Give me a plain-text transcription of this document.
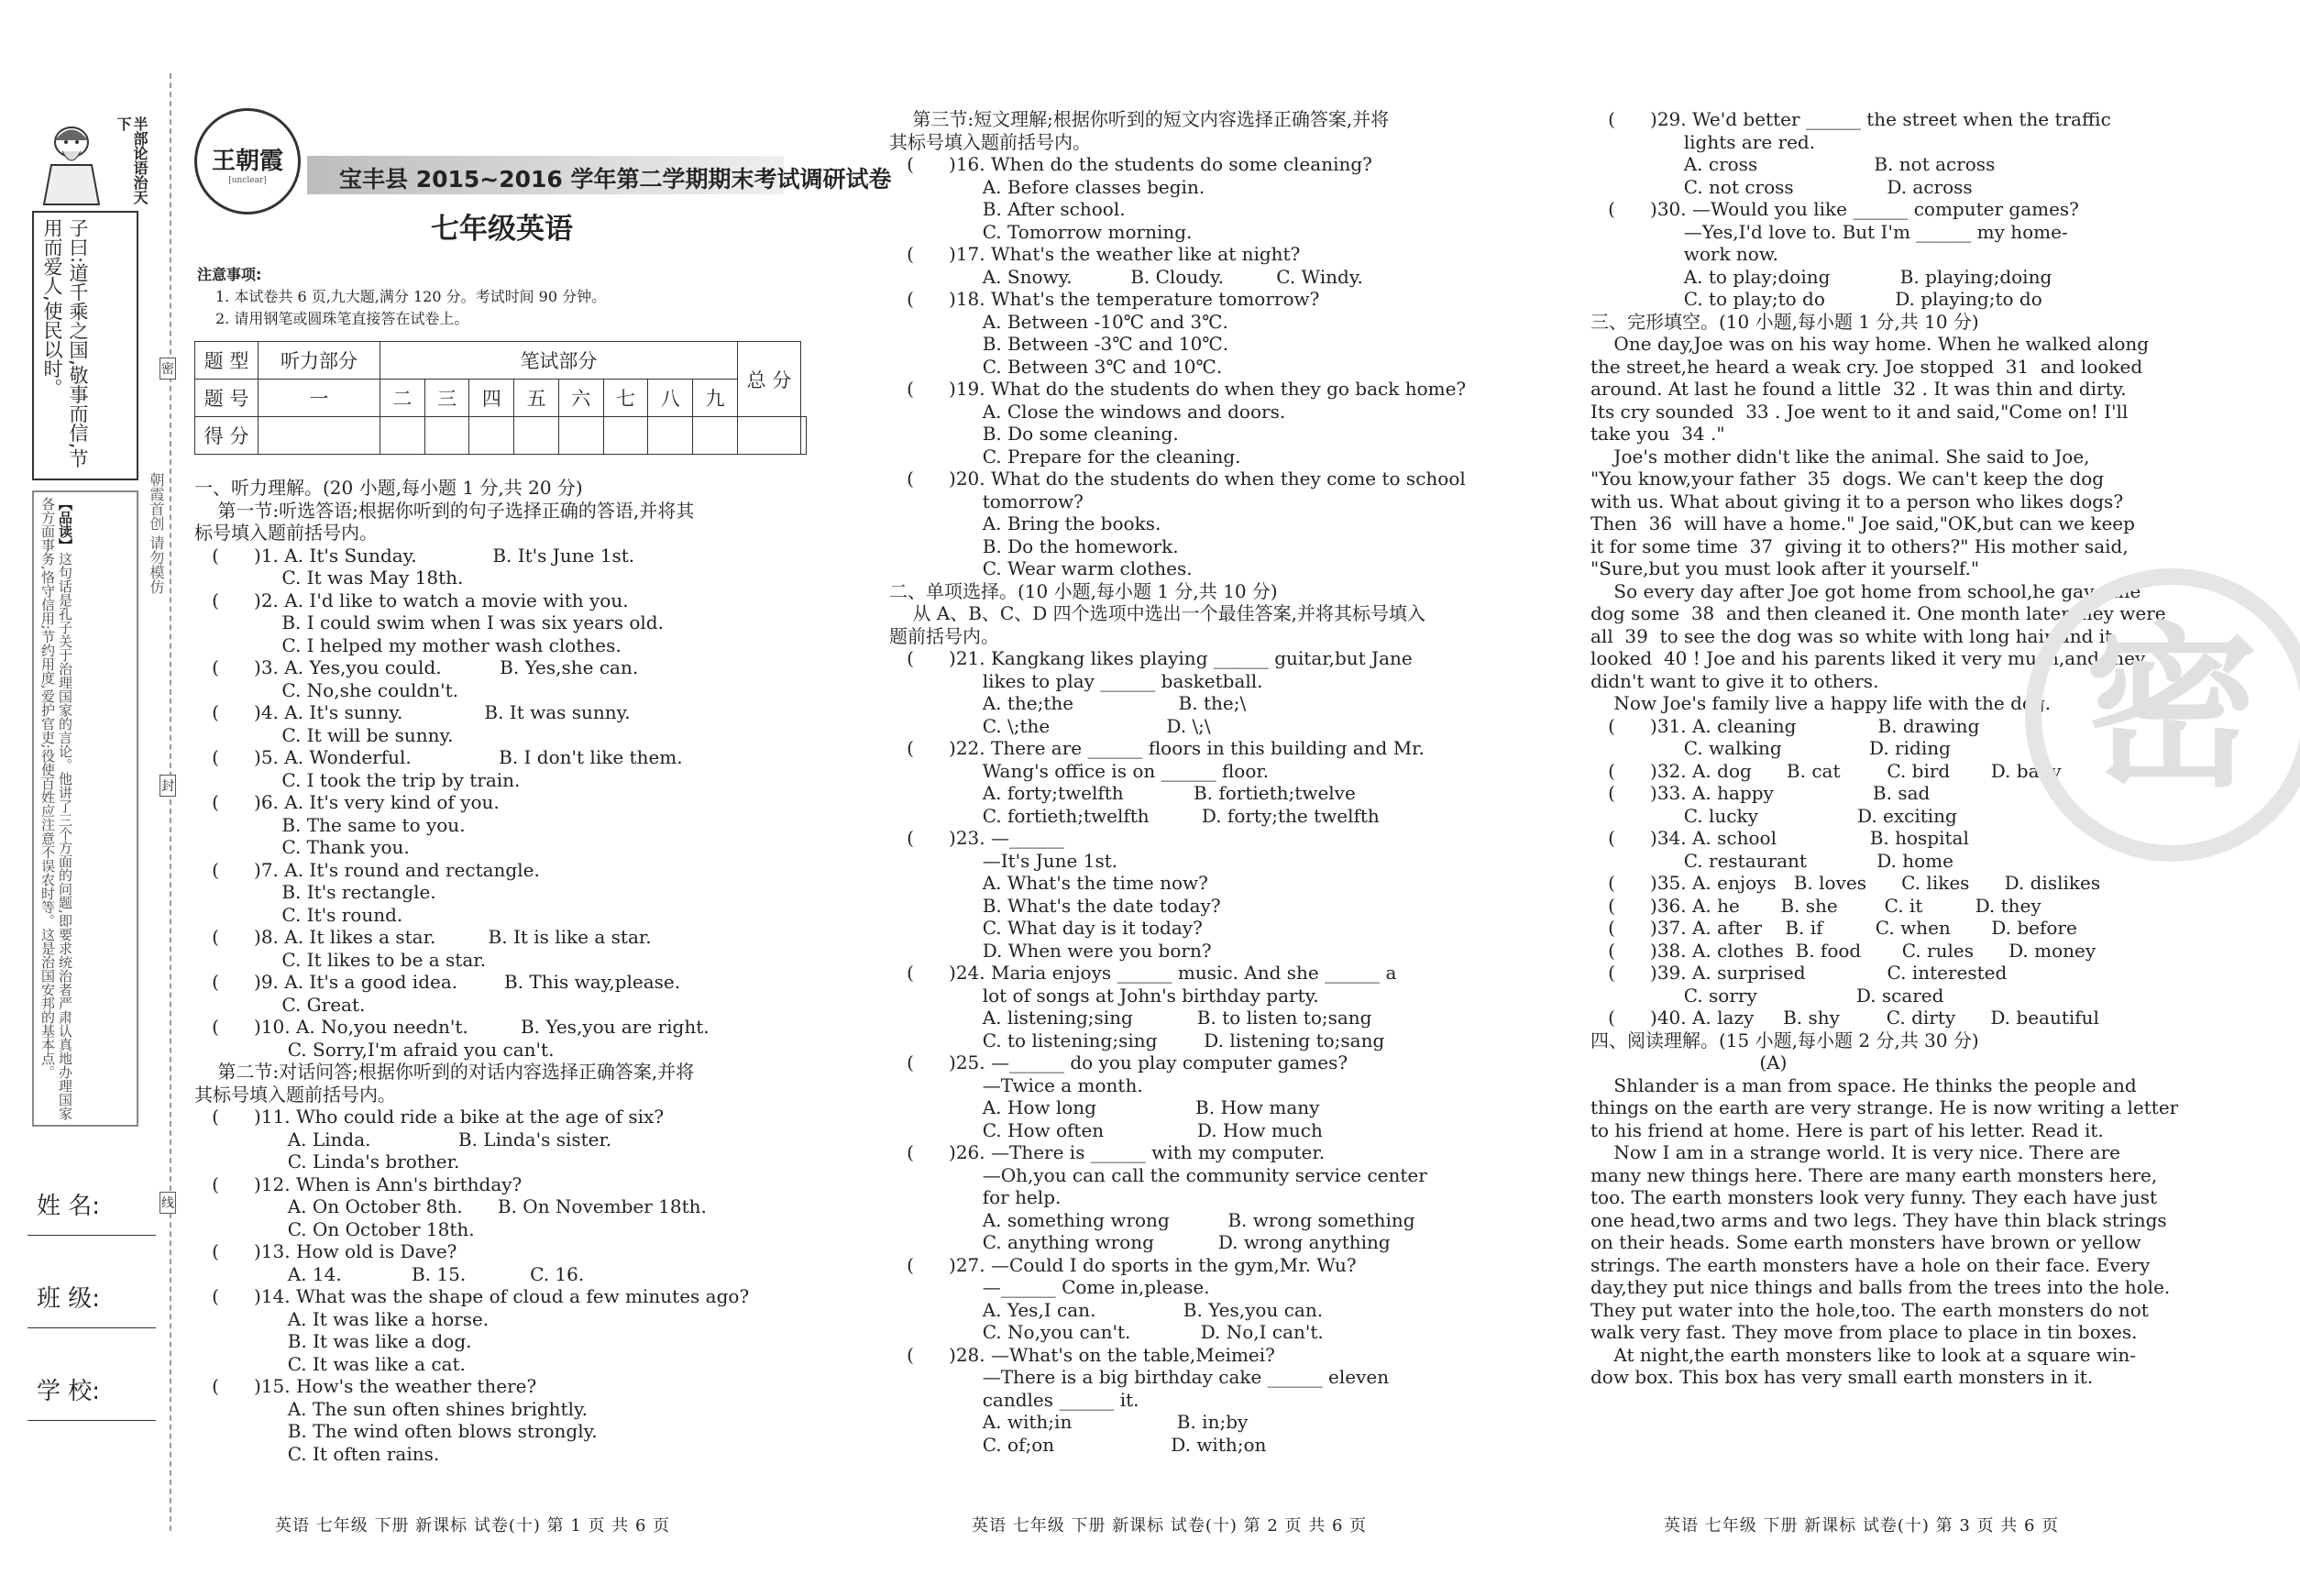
半部论语治天下
子曰:道千乘之国,敬事而信,节用而爱人,使民以时。
【品读】这句话是孔子关于治理国家的言论。他讲了三个方面的问题,即要求统治者严肃认真地办理国家各方面事务,恪守信用;节约用度,爱护官吏;役使百姓应注意不误农时等。这是治国安邦的基本点。
姓 名:
班 级:
学 校:
朝霞首创 请勿模仿
密
封
线
王朝霞
[unclear]	宝丰县 2015~2016 学年第二学期期末考试调研试卷
七年级英语
注意事项:
1. 本试卷共 6 页,九大题,满分 120 分。考试时间 90 分钟。
2. 请用钢笔或圆珠笔直接答在试卷上。
题 型	听力部分	笔试部分								总 分	
题 号	一	二	三	四	五	六	七	八	九		
得 分											
一、听力理解。(20 小题,每小题 1 分,共 20 分)
第一节:听选答语;根据你听到的句子选择正确的答语,并将其
标号填入题前括号内。
(      )1. A. It's Sunday.             B. It's June 1st.
C. It was May 18th.
(      )2. A. I'd like to watch a movie with you.
B. I could swim when I was six years old.
C. I helped my mother wash clothes.
(      )3. A. Yes,you could.          B. Yes,she can.
C. No,she couldn't.
(      )4. A. It's sunny.              B. It was sunny.
C. It will be sunny.
(      )5. A. Wonderful.               B. I don't like them.
C. I took the trip by train.
(      )6. A. It's very kind of you.
B. The same to you.
C. Thank you.
(      )7. A. It's round and rectangle.
B. It's rectangle.
C. It's round.
(      )8. A. It likes a star.         B. It is like a star.
C. It likes to be a star.
(      )9. A. It's a good idea.        B. This way,please.
C. Great.
(      )10. A. No,you needn't.         B. Yes,you are right.
C. Sorry,I'm afraid you can't.
第二节:对话问答;根据你听到的对话内容选择正确答案,并将
其标号填入题前括号内。
(      )11. Who could ride a bike at the age of six?
A. Linda.               B. Linda's sister.
C. Linda's brother.
(      )12. When is Ann's birthday?
A. On October 8th.      B. On November 18th.
C. On October 18th.
(      )13. How old is Dave?
A. 14.            B. 15.           C. 16.
(      )14. What was the shape of cloud a few minutes ago?
A. It was like a horse.
B. It was like a dog.
C. It was like a cat.
(      )15. How's the weather there?
A. The sun often shines brightly.
B. The wind often blows strongly.
C. It often rains.
第三节:短文理解;根据你听到的短文内容选择正确答案,并将
其标号填入题前括号内。
(      )16. When do the students do some cleaning?
A. Before classes begin.
B. After school.
C. Tomorrow morning.
(      )17. What's the weather like at night?
A. Snowy.          B. Cloudy.         C. Windy.
(      )18. What's the temperature tomorrow?
A. Between -10℃ and 3℃.
B. Between -3℃ and 10℃.
C. Between 3℃ and 10℃.
(      )19. What do the students do when they go back home?
A. Close the windows and doors.
B. Do some cleaning.
C. Prepare for the cleaning.
(      )20. What do the students do when they come to school
tomorrow?
A. Bring the books.
B. Do the homework.
C. Wear warm clothes.
二、单项选择。(10 小题,每小题 1 分,共 10 分)
从 A、B、C、D 四个选项中选出一个最佳答案,并将其标号填入
题前括号内。
(      )21. Kangkang likes playing ______ guitar,but Jane
likes to play ______ basketball.
A. the;the                  B. the;\
C. \;the                    D. \;\
(      )22. There are ______ floors in this building and Mr.
Wang's office is on ______ floor.
A. forty;twelfth            B. fortieth;twelve
C. fortieth;twelfth         D. forty;the twelfth
(      )23. —______
—It's June 1st.
A. What's the time now?
B. What's the date today?
C. What day is it today?
D. When were you born?
(      )24. Maria enjoys ______ music. And she ______ a
lot of songs at John's birthday party.
A. listening;sing           B. to listen to;sang
C. to listening;sing        D. listening to;sang
(      )25. —______ do you play computer games?
—Twice a month.
A. How long                 B. How many
C. How often                D. How much
(      )26. —There is ______ with my computer.
—Oh,you can call the community service center
for help.
A. something wrong          B. wrong something
C. anything wrong           D. wrong anything
(      )27. —Could I do sports in the gym,Mr. Wu?
—______ Come in,please.
A. Yes,I can.               B. Yes,you can.
C. No,you can't.            D. No,I can't.
(      )28. —What's on the table,Meimei?
—There is a big birthday cake ______ eleven
candles ______ it.
A. with;in                  B. in;by
C. of;on                    D. with;on
(      )29. We'd better ______ the street when the traffic
lights are red.
A. cross                    B. not across
C. not cross                D. across
(      )30. —Would you like ______ computer games?
—Yes,I'd love to. But I'm ______ my home-
work now.
A. to play;doing            B. playing;doing
C. to play;to do            D. playing;to do
三、完形填空。(10 小题,每小题 1 分,共 10 分)
One day,Joe was on his way home. When he walked along
the street,he heard a weak cry. Joe stopped  31  and looked
around. At last he found a little  32 . It was thin and dirty.
Its cry sounded  33 . Joe went to it and said,"Come on! I'll
take you  34 ."
Joe's mother didn't like the animal. She said to Joe,
"You know,your father  35  dogs. We can't keep the dog
with us. What about giving it to a person who likes dogs?
Then  36  will have a home." Joe said,"OK,but can we keep
it for some time  37  giving it to others?" His mother said,
"Sure,but you must look after it yourself."
So every day after Joe got home from school,he gave the
dog some  38  and then cleaned it. One month later,they were
all  39  to see the dog was so white with long hair and it
looked  40 ! Joe and his parents liked it very much,and they
didn't want to give it to others.
Now Joe's family live a happy life with the dog.
(      )31. A. cleaning              B. drawing
C. walking               D. riding
(      )32. A. dog      B. cat        C. bird       D. baby
(      )33. A. happy                 B. sad
C. lucky                 D. exciting
(      )34. A. school                B. hospital
C. restaurant            D. home
(      )35. A. enjoys   B. loves      C. likes      D. dislikes
(      )36. A. he       B. she        C. it         D. they
(      )37. A. after    B. if         C. when       D. before
(      )38. A. clothes  B. food       C. rules      D. money
(      )39. A. surprised              C. interested
C. sorry                 D. scared
(      )40. A. lazy     B. shy        C. dirty      D. beautiful
四、阅读理解。(15 小题,每小题 2 分,共 30 分)
(A)
Shlander is a man from space. He thinks the people and
things on the earth are very strange. He is now writing a letter
to his friend at home. Here is part of his letter. Read it.
Now I am in a strange world. It is very nice. There are
many new things here. There are many earth monsters here,
too. The earth monsters look very funny. They each have just
one head,two arms and two legs. They have thin black strings
on their heads. Some earth monsters have brown or yellow
strings. The earth monsters have a hole on their face. Every
day,they put nice things and balls from the trees into the hole.
They put water into the hole,too. The earth monsters do not
walk very fast. They move from place to place in tin boxes.
At night,the earth monsters like to look at a square win-
dow box. This box has very small earth monsters in it.
密
英语 七年级 下册 新课标 试卷(十) 第 1 页 共 6 页	英语 七年级 下册 新课标 试卷(十) 第 2 页 共 6 页	英语 七年级 下册 新课标 试卷(十) 第 3 页 共 6 页
